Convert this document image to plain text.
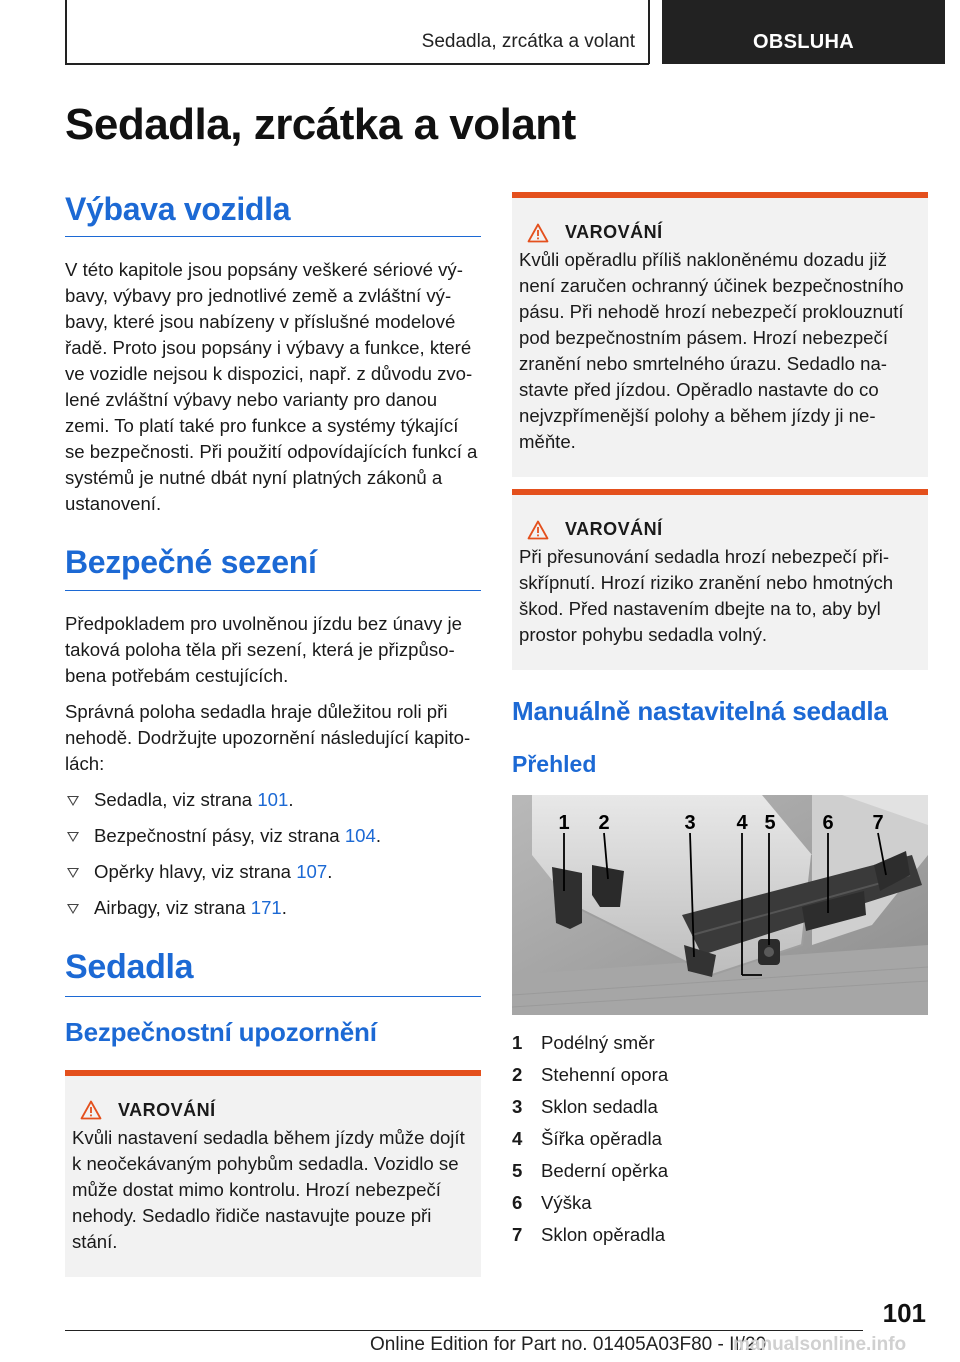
Sedadla, zrcátka a volant	OBSLUHA
Sedadla, zrcátka a volant
Výbava vozidla

V této kapitole jsou popsány veškeré sériové vý-bavy, výbavy pro jednotlivé země a zvláštní vý-bavy, které jsou nabízeny v příslušné modelové řadě. Proto jsou popsány i výbavy a funkce, které ve vozidle nejsou k dispozici, např. z důvodu zvo-lené zvláštní výbavy nebo varianty pro danou zemi. To platí také pro funkce a systémy týkající se bezpečnosti. Při použití odpovídajících funkcí a systémů je nutné dbát nyní platných zákonů a ustanovení.

Bezpečné sezení

Předpokladem pro uvolněnou jízdu bez únavy je taková poloha těla při sezení, která je přizpůso-bena potřebám cestujících.

Správná poloha sedadla hraje důležitou roli při nehodě. Dodržujte upozornění následující kapito-lách:

Sedadla, viz strana 101.
Bezpečnostní pásy, viz strana 104.
Opěrky hlavy, viz strana 107.
Airbagy, viz strana 171.
Sedadla
Bezpečnostní upozornění
VAROVÁNÍ

Kvůli nastavení sedadla během jízdy může dojít k neočekávaným pohybům sedadla. Vozidlo se může dostat mimo kontrolu. Hrozí nebezpečí nehody. Sedadlo řidiče nastavujte pouze při stání.

VAROVÁNÍ

Kvůli opěradlu příliš nakloněnému dozadu již není zaručen ochranný účinek bezpečnostního pásu. Při nehodě hrozí nebezpečí proklouznutí pod bezpečnostním pásem. Hrozí nebezpečí zranění nebo smrtelného úrazu. Sedadlo na-stavte před jízdou. Opěradlo nastavte do co nejvzpřímenější polohy a během jízdy ji ne-měňte.

VAROVÁNÍ

Při přesunování sedadla hrozí nebezpečí při-skřípnutí. Hrozí riziko zranění nebo hmotných škod. Před nastavením dbejte na to, aby byl prostor pohybu sedadla volný.

Manuálně nastavitelná sedadla
Přehled
1 2	3 4 5 6 7
1	Podélný směr
2	Stehenní opora
3	Sklon sedadla
4	Šířka opěradla
5	Bederní opěrka
6	Výška
7	Sklon opěradla
101
Online Edition for Part no. 01405A03F80 - II/20
manualsonline.info
